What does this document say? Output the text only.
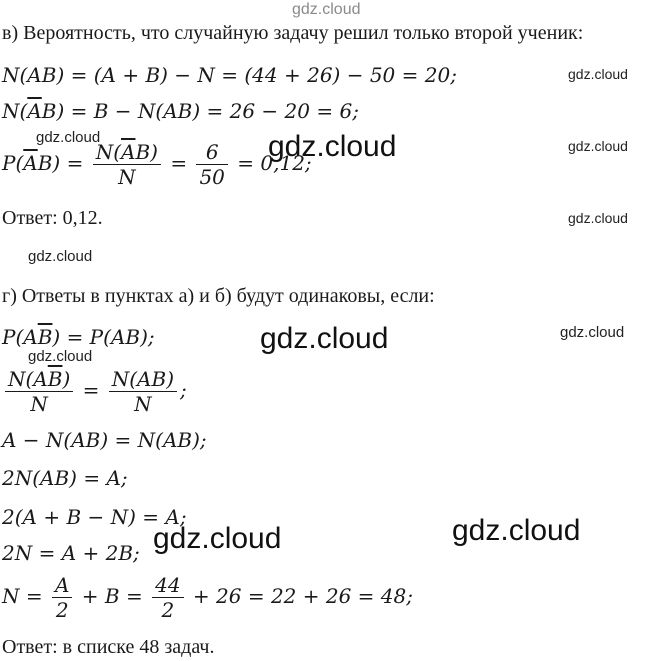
gdz.cloud
gdz.cloud
gdz.cloud	gdz.cloud
gdz.cloud
gdz.cloud
gdz.cloud
gdz.cloud
gdz.cloud
gdz.cloud
gdz.cloud
gdz.cloud
в) Вероятность, что случайную задачу решил только второй ученик:
N(AB) = (A + B) − N = (44 + 26) − 50 = 20;
$N(\overline{A}B) = B - N(AB) = 26 - 20 = 6$;
$P(\overline{A}B) = \frac{N(\overline{A}B)}{N} = \frac{6}{50} = 0,12$;
Ответ: 0,12.
г) Ответы в пунктах а) и б) будут одинаковы, если:
$P(A\overline{B}) = P(AB)$;
$\frac{N(A\overline{B})}{N} = \frac{N(AB)}{N}$ ;
A − N(AB) = N(AB);
2N(AB) = A;
2(A + B − N) = A;
2N = A + 2B;
$N = \frac{A}{2} + B = \frac{44}{2} + 26 = 22 + 26 = 48$;
Ответ: в списке 48 задач.
